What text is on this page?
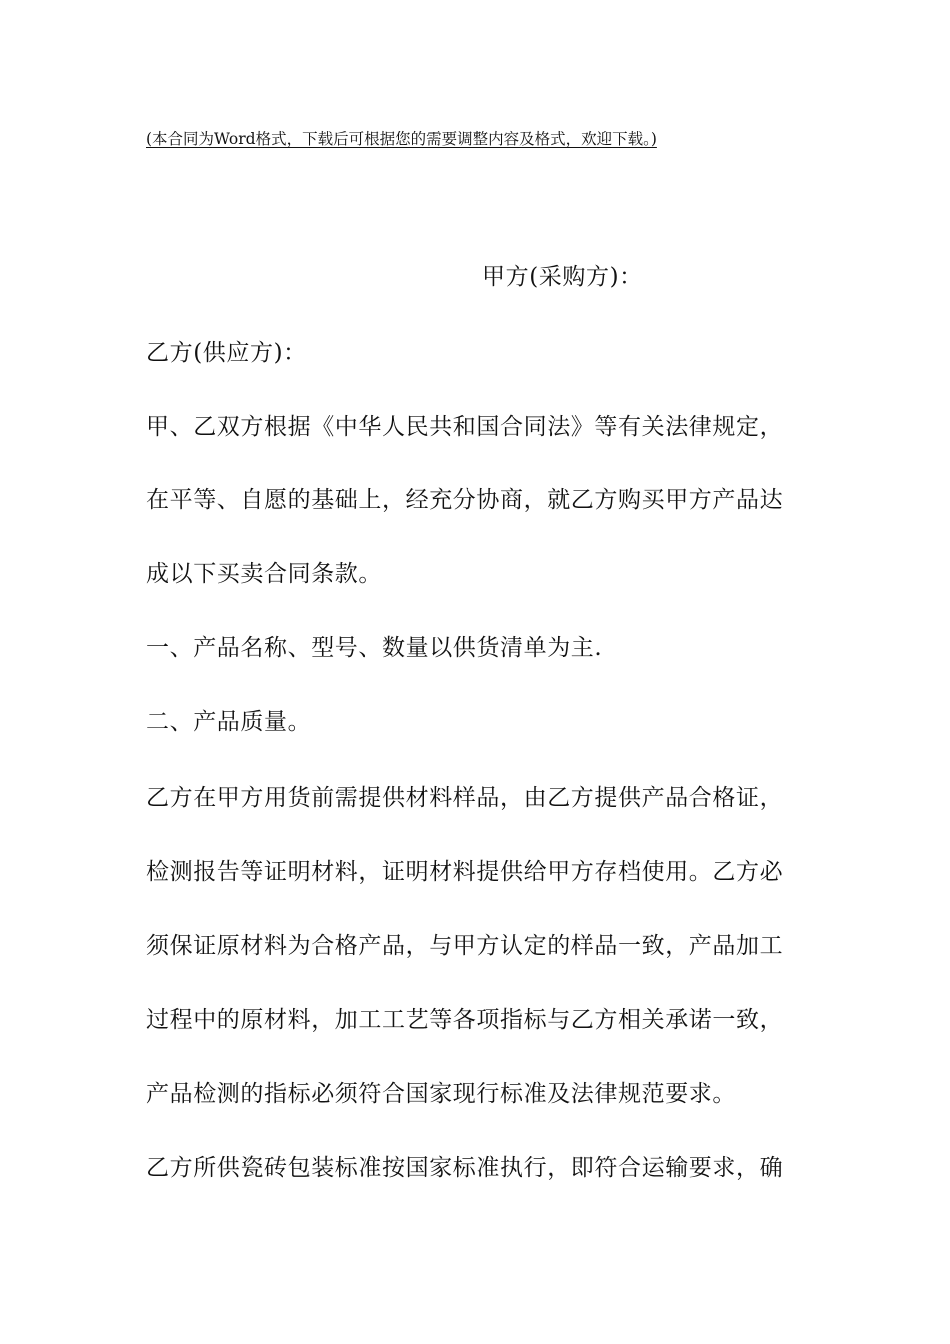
(本合同为Word格式，下载后可根据您的需要调整内容及格式，欢迎下载。)
甲方(采购方)：
乙方(供应方)：
甲、乙双方根据《中华人民共和国合同法》等有关法律规定，
在平等、自愿的基础上，经充分协商，就乙方购买甲方产品达
成以下买卖合同条款。
一、产品名称、型号、数量以供货清单为主.
二、产品质量。
乙方在甲方用货前需提供材料样品，由乙方提供产品合格证，
检测报告等证明材料，证明材料提供给甲方存档使用。乙方必
须保证原材料为合格产品，与甲方认定的样品一致，产品加工
过程中的原材料，加工工艺等各项指标与乙方相关承诺一致，
产品检测的指标必须符合国家现行标准及法律规范要求。
乙方所供瓷砖包装标准按国家标准执行，即符合运输要求，确
